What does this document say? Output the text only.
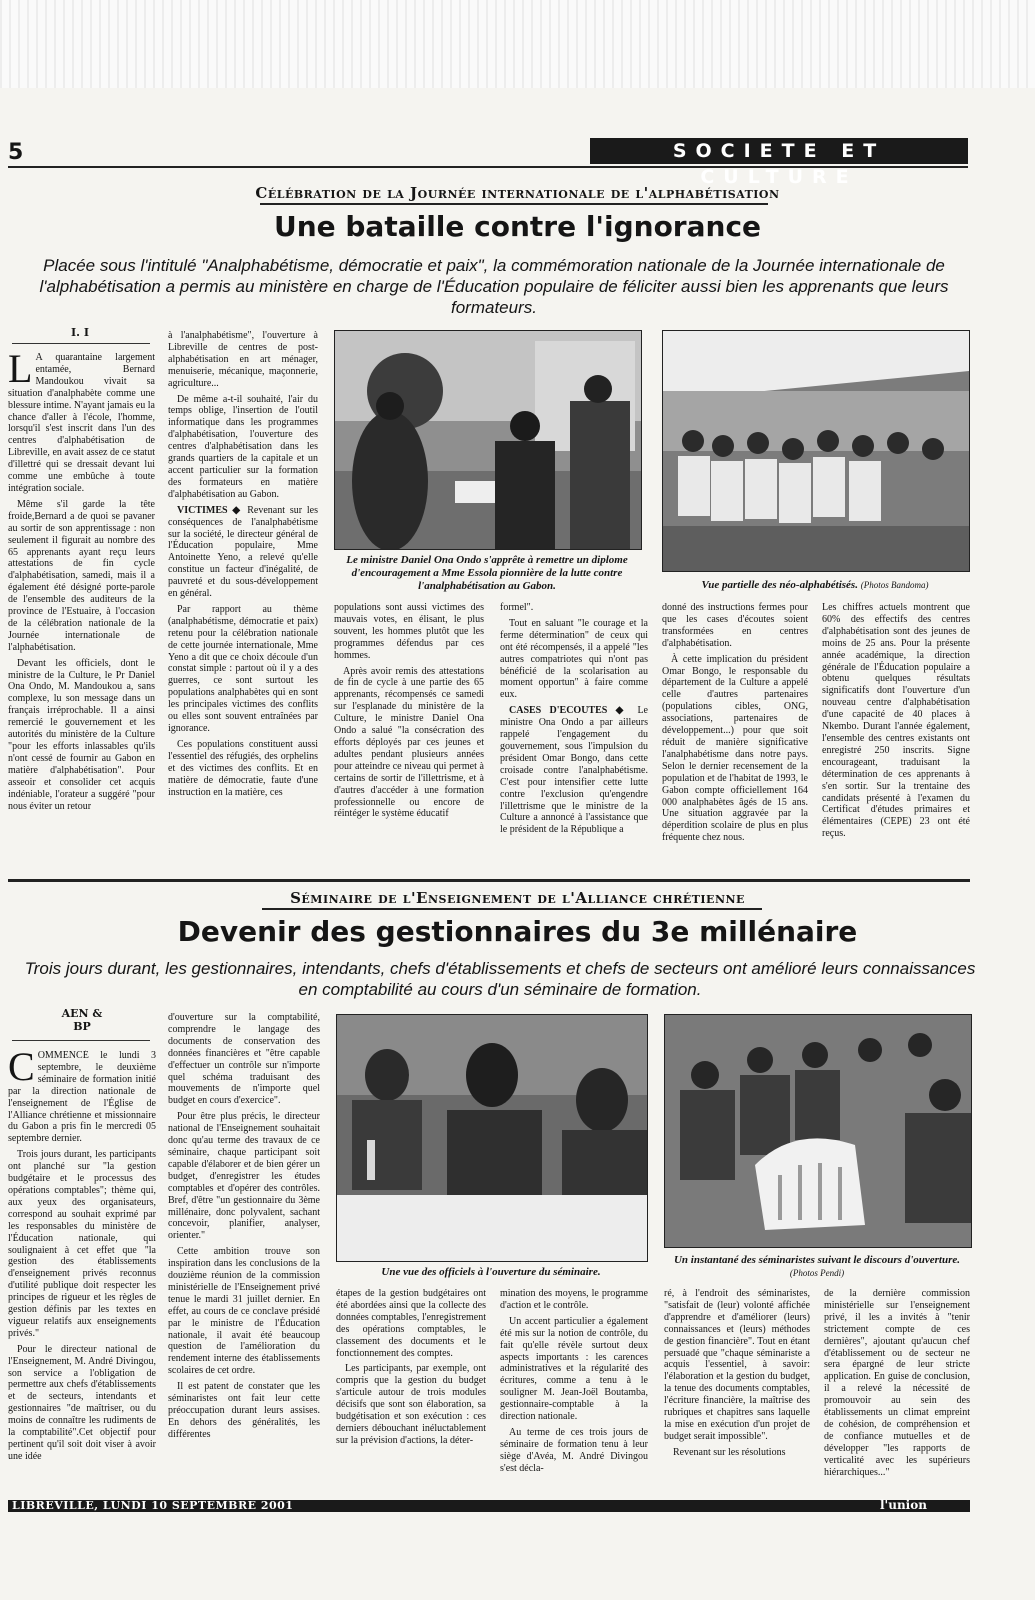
5	SOCIETE ET CULTURE
Célébration de la Journée internationale de l'alphabétisation
Une bataille contre l'ignorance
Placée sous l'intitulé "Analphabétisme, démocratie et paix", la commémoration nationale de la Journée internationale de l'alphabétisation a permis au ministère en charge de l'Éducation populaire de féliciter aussi bien les apprenants que leurs formateurs.
I. I

L A quarantaine largement entamée, Bernard Mandoukou vivait sa situation d'analphabète comme une blessure intime. N'ayant jamais eu la chance d'aller à l'école, l'homme, lorsqu'il s'est inscrit dans l'un des centres d'alphabétisation de Libreville, en avait assez de ce statut d'illettré qui se dressait devant lui comme une embûche à toute intégration sociale.

Même s'il garde la tête froide,Bernard a de quoi se pavaner au sortir de son apprentissage : non seulement il figurait au nombre des 65 apprenants ayant reçu leurs attestations de fin cycle d'alphabétisation, samedi, mais il a également été désigné porte-parole de l'ensemble des auditeurs de la province de l'Estuaire, à l'occasion de la célébration nationale de la Journée internationale de l'alphabétisation.

Devant les officiels, dont le ministre de la Culture, le Pr Daniel Ona Ondo, M. Mandoukou a, sans complexe, lu son message dans un français irréprochable. Il a ainsi remercié le gouvernement et les autorités du ministère de la Culture "pour les efforts inlassables qu'ils n'ont cessé de fournir au Gabon en matière d'alphabétisation". Pour asseoir et consolider cet acquis indéniable, l'orateur a suggéré "pour nous éviter un retour

à l'analphabétisme", l'ouverture à Libreville de centres de post-alphabétisation en art ménager, menuiserie, mécanique, maçonnerie, agriculture...

De même a-t-il souhaité, l'air du temps oblige, l'insertion de l'outil informatique dans les programmes d'alphabétisation, l'ouverture des centres d'alphabétisation dans les grands quartiers de la capitale et un accent particulier sur la formation des formateurs en matière d'alphabétisation au Gabon.

VICTIMES ◆ Revenant sur les conséquences de l'analphabétisme sur la société, le directeur général de l'Éducation populaire, Mme Antoinette Yeno, a relevé qu'elle constitue un facteur d'inégalité, de pauvreté et du sous-développement en général.

Par rapport au thème (analphabétisme, démocratie et paix) retenu pour la célébration nationale de cette journée internationale, Mme Yeno a dit que ce choix découle d'un constat simple : partout où il y a des guerres, ce sont surtout les populations analphabètes qui en sont les principales victimes des conflits ou elles sont souvent entraînées par ignorance.

Ces populations constituent aussi l'essentiel des réfugiés, des orphelins et des victimes des conflits. Et en matière de démocratie, faute d'une instruction en la matière, ces

Le ministre Daniel Ona Ondo s'apprête à remettre un diplome d'encouragement a Mme Essola pionnière de la lutte contre l'analphabétisation au Gabon.	Vue partielle des néo-alphabétisés. (Photos Bandoma)

populations sont aussi victimes des mauvais votes, en élisant, le plus souvent, les hommes plutôt que les programmes défendus par ces hommes.

Après avoir remis des attestations de fin de cycle à une partie des 65 apprenants, récompensés ce samedi sur l'esplanade du ministère de la Culture, le ministre Daniel Ona Ondo a salué "la consécration des efforts déployés par ces jeunes et adultes pendant plusieurs années pour atteindre ce niveau qui permet à certains de sortir de l'illettrisme, et à d'autres d'accéder à une formation professionnelle ou encore de réintéger le système éducatif

formel".

Tout en saluant "le courage et la ferme détermination" de ceux qui ont été récompensés, il a appelé "les autres compatriotes qui n'ont pas bénéficié de la scolarisation au moment opportun" à faire comme eux.

CASES D'ECOUTES ◆ Le ministre Ona Ondo a par ailleurs rappelé l'engagement du gouvernement, sous l'impulsion du président Omar Bongo, dans cette croisade contre l'analphabétisme. C'est pour intensifier cette lutte contre l'exclusion qu'engendre l'illettrisme que le ministre de la Culture a annoncé à l'assistance que le président de la République a

donné des instructions fermes pour que les cases d'écoutes soient transformées en centres d'alphabétisation.

À cette implication du président Omar Bongo, le responsable du département de la Culture a appelé celle d'autres partenaires (populations cibles, ONG, associations, partenaires de développement...) pour que soit réduit de manière significative l'analphabétisme dans notre pays. Selon le dernier recensement de la population et de l'habitat de 1993, le Gabon compte officiellement 164 000 analphabètes âgés de 15 ans. Une situation aggravée par la déperdition scolaire de plus en plus fréquente chez nous.

Les chiffres actuels montrent que 60% des effectifs des centres d'alphabétisation sont des jeunes de moins de 25 ans. Pour la présente année académique, la direction générale de l'Éducation populaire a obtenu quelques résultats significatifs dont l'ouverture d'un nouveau centre d'alphabétisation d'une capacité de 40 places à Nkembo. Durant l'année également, l'ensemble des centres existants ont enregistré 250 inscrits. Signe encourageant, traduisant la détermination de ces apprenants à s'en sortir. Sur la trentaine des candidats présenté à l'examen du Certificat d'études primaires et élémentaires (CEPE) 23 ont été reçus.

Séminaire de l'Enseignement de l'Alliance chrétienne
Devenir des gestionnaires du 3e millénaire
Trois jours durant, les gestionnaires, intendants, chefs d'établissements et chefs de secteurs ont amélioré leurs connaissances en comptabilité au cours d'un séminaire de formation.
AEN & BP

COMMENCÉ le lundi 3 septembre, le deuxième séminaire de formation initié par la direction nationale de l'enseignement de l'Église de l'Alliance chrétienne et missionnaire du Gabon a pris fin le mercredi 05 septembre dernier.

Trois jours durant, les participants ont planché sur "la gestion budgétaire et le processus des opérations comptables"; thème qui, aux yeux des organisateurs, correspond au souhait exprimé par les responsables du ministère de l'Éducation nationale, qui soulignaient à cet effet que "la gestion des établissements d'enseignement privés reconnus d'utilité publique doit respecter les principes de rigueur et les règles de gestion définis par les textes en vigueur relatifs aux enseignements privés."

Pour le directeur national de l'Enseignement, M. André Divingou, son service a l'obligation de permettre aux chefs d'établissements et de secteurs, intendants et gestionnaires "de maîtriser, ou du moins de connaître les rudiments de la comptabilité".Cet objectif pour pertinent qu'il soit doit viser à avoir une idée

d'ouverture sur la comptabilité, comprendre le langage des documents de conservation des données financières et "être capable d'effectuer un contrôle sur n'importe quel schéma traduisant des mouvements de n'importe quel budget en cours d'exercice".

Pour être plus précis, le directeur national de l'Enseignement souhaitait donc qu'au terme des travaux de ce séminaire, chaque participant soit capable d'élaborer et de bien gérer un budget, d'enregistrer les études comptables et d'opérer des contrôles. Bref, d'être "un gestionnaire du 3ème millénaire, donc polyvalent, sachant concevoir, planifier, analyser, orienter."

Cette ambition trouve son inspiration dans les conclusions de la douzième réunion de la commission ministérielle de l'Enseignement privé tenue le mardi 31 juillet dernier. En effet, au cours de ce conclave présidé par le ministre de l'Éducation nationale, il avait été beaucoup question de l'amélioration du rendement interne des établissements scolaires de cet ordre.

Il est patent de constater que les séminaristes ont fait leur cette préoccupation durant leurs assises. En dehors des généralités, les différentes

Une vue des officiels à l'ouverture du séminaire.
Un instantané des séminaristes suivant le discours d'ouverture. (Photos Pendi)

étapes de la gestion budgétaires ont été abordées ainsi que la collecte des données comptables, l'enregistrement des opérations comptables, le classement des documents et le fonctionnement des comptes.

Les participants, par exemple, ont compris que la gestion du budget s'articule autour de trois modules décisifs que sont son élaboration, sa budgétisation et son exécution : ces derniers débouchant inéluctablement sur la prévision d'actions, la déter-

mination des moyens, le programme d'action et le contrôle.

Un accent particulier a également été mis sur la notion de contrôle, du fait qu'elle révèle surtout deux aspects importants : les carences administratives et la régularité des écritures, comme a tenu à le souligner M. Jean-Joël Boutamba, gestionnaire-comptable à la direction nationale.

Au terme de ces trois jours de séminaire de formation tenu à leur siège d'Avéa, M. André Divingou s'est décla-

ré, à l'endroit des séminaristes, "satisfait de (leur) volonté affichée d'apprendre et d'améliorer (leurs) connaissances et (leurs) méthodes de gestion financière". Tout en étant persuadé que "chaque séminariste a acquis l'essentiel, à savoir: l'élaboration et la gestion du budget, la tenue des documents comptables, l'écriture financière, la maîtrise des rubriques et chapitres sans laquelle la mise en exécution d'un projet de budget serait impossible".

Revenant sur les résolutions

de la dernière commission ministérielle sur l'enseignement privé, il les a invités à "tenir strictement compte de ces dernières", ajoutant qu'aucun chef d'établissement ou de secteur ne sera épargné de leur stricte application. En guise de conclusion, il a relevé la nécessité de promouvoir au sein des établissements un climat empreint de cohésion, de compréhension et de confiance mutuelles et de développer "les rapports de verticalité avec les supérieurs hiérarchiques..."

LIBREVILLE, LUNDI 10 SEPTEMBRE 2001	l'union
